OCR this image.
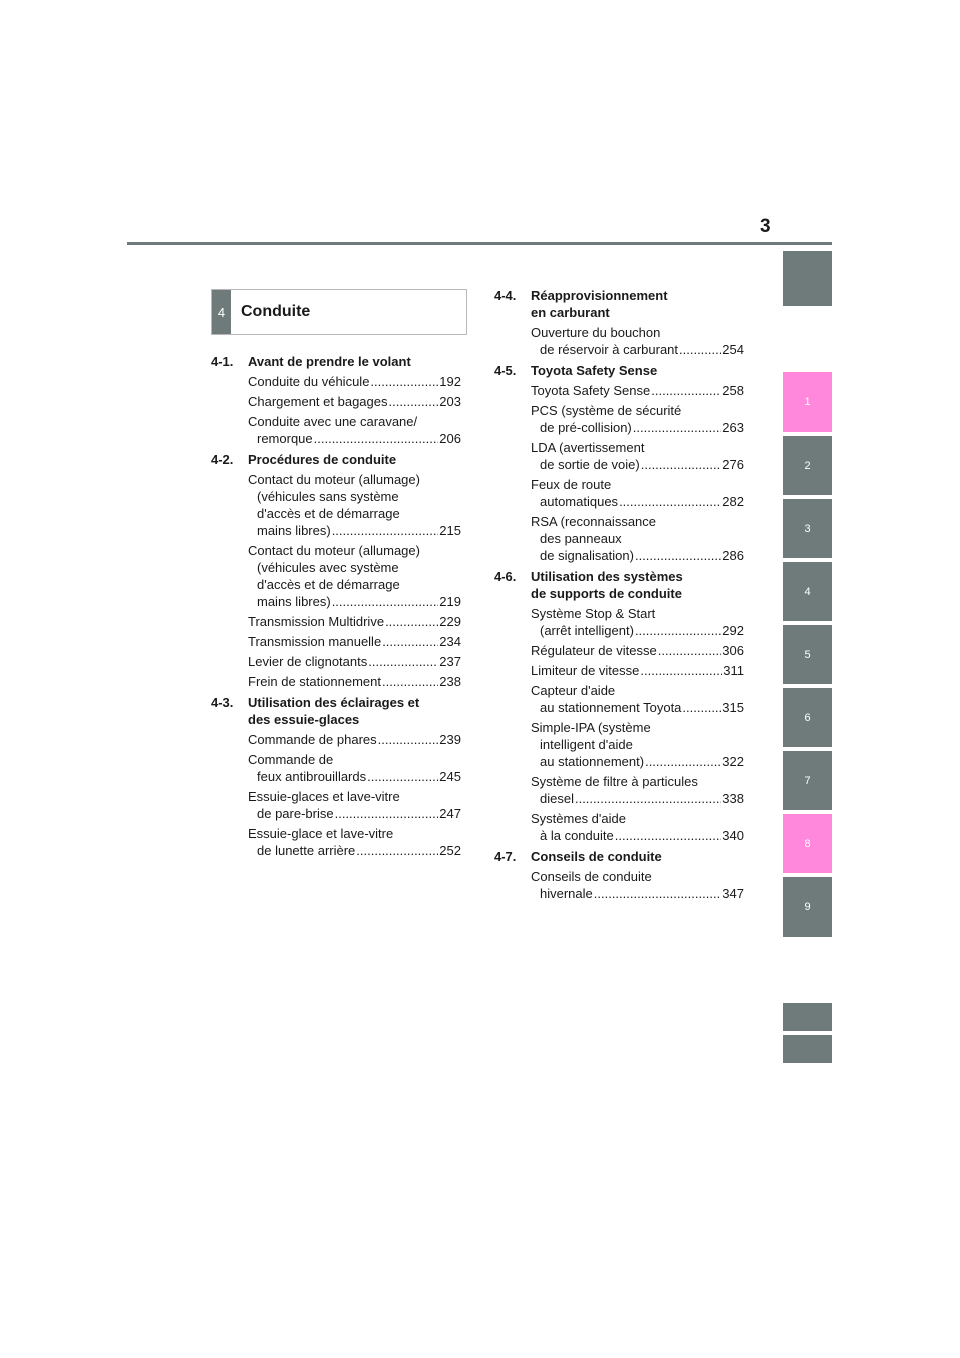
3
1
2
3
4
5
6
7
8
9
4 Conduite
4-1.	Avant de prendre le volant
Conduite du véhicule .....	192
Chargement et bagages .....	203
Conduite avec une caravane/
remorque .....	206
4-2.	Procédures de conduite
Contact du moteur (allumage)
(véhicules sans système
d'accès et de démarrage
mains libres) .....	215
Contact du moteur (allumage)
(véhicules avec système
d'accès et de démarrage
mains libres) .....	219
Transmission Multidrive .....	229
Transmission manuelle .....	234
Levier de clignotants .....	237
Frein de stationnement .....	238
4-3.	Utilisation des éclairages et
des essuie-glaces
Commande de phares .....	239
Commande de
feux antibrouillards .....	245
Essuie-glaces et lave-vitre
de pare-brise .....	247
Essuie-glace et lave-vitre
de lunette arrière .....	252
4-4.	Réapprovisionnement
en carburant
Ouverture du bouchon
de réservoir à carburant .....	254
4-5.	Toyota Safety Sense
Toyota Safety Sense .....	258
PCS (système de sécurité
de pré-collision) .....	263
LDA (avertissement
de sortie de voie) .....	276
Feux de route
automatiques .....	282
RSA (reconnaissance
des panneaux
de signalisation) .....	286
4-6.	Utilisation des systèmes
de supports de conduite
Système Stop & Start
(arrêt intelligent) .....	292
Régulateur de vitesse .....	306
Limiteur de vitesse .....	311
Capteur d'aide
au stationnement Toyota .....	315
Simple-IPA (système
intelligent d'aide
au stationnement) .....	322
Système de filtre à particules
diesel .....	338
Systèmes d'aide
à la conduite .....	340
4-7.	Conseils de conduite
Conseils de conduite
hivernale .....	347
